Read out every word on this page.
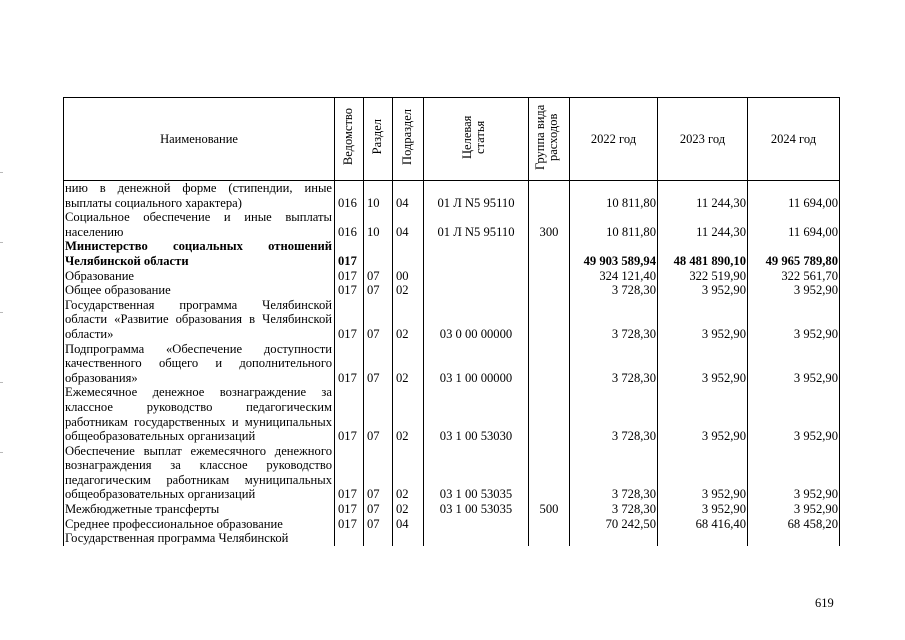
Наименование	Ведомство	Раздел	Подраздел	Целевая статья	Группа вида расходов	2022 год	2023 год	2024 год
нию в денежной форме (стипендии, иные выплаты социального характера)	016	10	04	01 Л N5 95110		10 811,80	11 244,30	11 694,00
Социальное обеспечение и иные выплаты населению	016	10	04	01 Л N5 95110	300	10 811,80	11 244,30	11 694,00
Министерство социальных отношений Челябинской области	017					49 903 589,94	48 481 890,10	49 965 789,80
Образование	017	07	00			324 121,40	322 519,90	322 561,70
Общее образование	017	07	02			3 728,30	3 952,90	3 952,90
Государственная программа Челябинской области «Развитие образования в Челябинской области»	017	07	02	03 0 00 00000		3 728,30	3 952,90	3 952,90
Подпрограмма «Обеспечение доступности качественного общего и дополнительного образования»	017	07	02	03 1 00 00000		3 728,30	3 952,90	3 952,90
Ежемесячное денежное вознаграждение за классное руководство педагогическим работникам государственных и муниципальных общеобразовательных организаций	017	07	02	03 1 00 53030		3 728,30	3 952,90	3 952,90
Обеспечение выплат ежемесячного денежного вознаграждения за классное руководство педагогическим работникам муниципальных общеобразовательных организаций	017	07	02	03 1 00 53035		3 728,30	3 952,90	3 952,90
Межбюджетные трансферты	017	07	02	03 1 00 53035	500	3 728,30	3 952,90	3 952,90
Среднее профессиональное образование	017	07	04			70 242,50	68 416,40	68 458,20
Государственная программа Челябинской								
619
